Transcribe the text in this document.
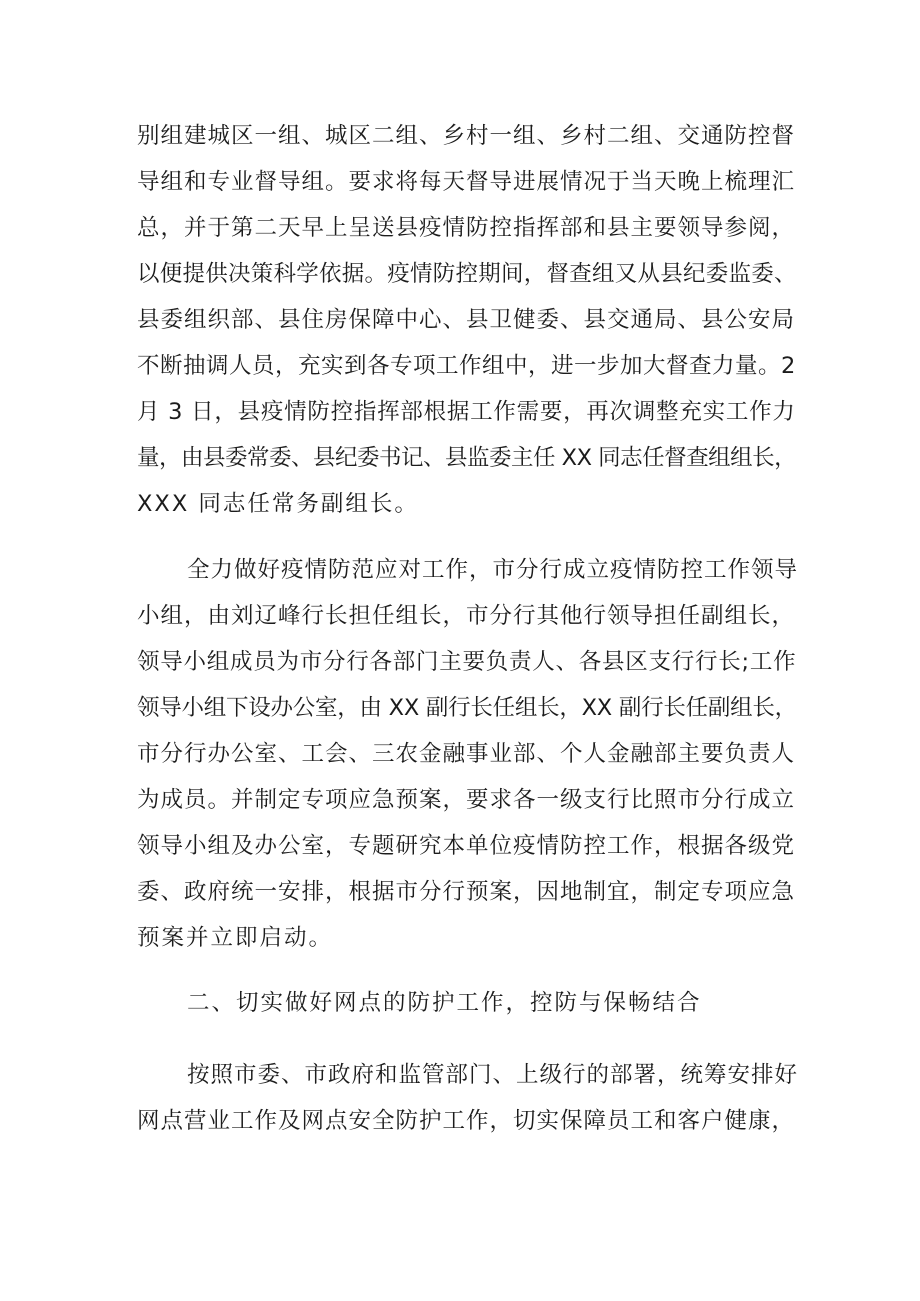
别组建城区一组、城区二组、乡村一组、乡村二组、交通防控督
导组和专业督导组。要求将每天督导进展情况于当天晚上梳理汇
总，并于第二天早上呈送县疫情防控指挥部和县主要领导参阅，
以便提供决策科学依据。疫情防控期间，督查组又从县纪委监委、
县委组织部、县住房保障中心、县卫健委、县交通局、县公安局
不断抽调人员，充实到各专项工作组中，进一步加大督查力量。2
月 3 日，县疫情防控指挥部根据工作需要，再次调整充实工作力
量，由县委常委、县纪委书记、县监委主任 XX 同志任督查组组长，
XXX 同志任常务副组长。
全力做好疫情防范应对工作，市分行成立疫情防控工作领导
小组，由刘辽峰行长担任组长，市分行其他行领导担任副组长，
领导小组成员为市分行各部门主要负责人、各县区支行行长;工作
领导小组下设办公室，由 XX 副行长任组长，XX 副行长任副组长，
市分行办公室、工会、三农金融事业部、个人金融部主要负责人
为成员。并制定专项应急预案，要求各一级支行比照市分行成立
领导小组及办公室，专题研究本单位疫情防控工作，根据各级党
委、政府统一安排，根据市分行预案，因地制宜，制定专项应急
预案并立即启动。
二、切实做好网点的防护工作，控防与保畅结合
按照市委、市政府和监管部门、上级行的部署，统筹安排好
网点营业工作及网点安全防护工作，切实保障员工和客户健康，
